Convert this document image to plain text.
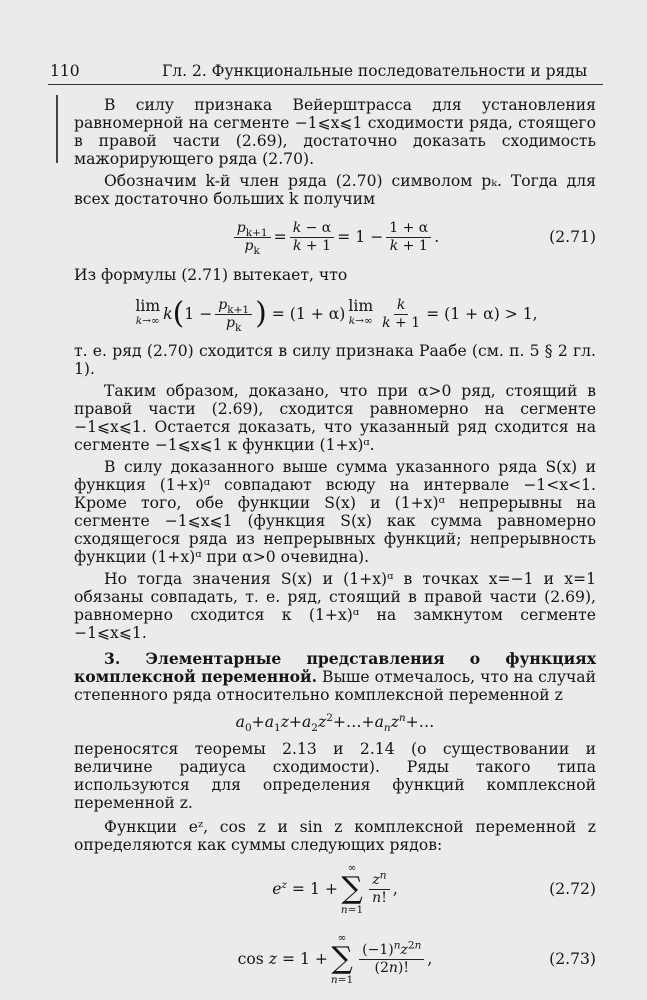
110	Гл. 2. Функциональные последовательности и ряды

В силу признака Вейерштрасса для установления равномерной на сегменте −1⩽x⩽1 сходимости ряда, стоящего в правой части (2.69), достаточно доказать сходимость мажорирующего ряда (2.70).

Обозначим k-й член ряда (2.70) символом pₖ. Тогда для всех достаточно больших k получим

$\frac{p_{k+1}}{p_k} = \frac{k - \alpha}{k + 1} = 1 - \frac{1 + \alpha}{k + 1}$ .	(2.71)

Из формулы (2.71) вытекает, что

lim
k→∞ k ( $1 - \frac{p_{k+1}}{p_k}$ ) = (1 + α) lim
$k\to\infty \frac{k}{k + 1} = (1 + \alpha) > 1$,

т. е. ряд (2.70) сходится в силу признака Раабе (см. п. 5 § 2 гл. 1).

Таким образом, доказано, что при α>0 ряд, стоящий в правой части (2.69), сходится равномерно на сегменте −1⩽x⩽1. Остается доказать, что указанный ряд сходится на сегменте −1⩽x⩽1 к функции (1+x)ᵅ.

В силу доказанного выше сумма указанного ряда S(x) и функция (1+x)ᵅ совпадают всюду на интервале −1<x<1. Кроме того, обе функции S(x) и (1+x)ᵅ непрерывны на сегменте −1⩽x⩽1 (функция S(x) как сумма равномерно сходящегося ряда из непрерывных функций; непрерывность функции (1+x)ᵅ при α>0 очевидна).

Но тогда значения S(x) и (1+x)ᵅ в точках x=−1 и x=1 обязаны совпадать, т. е. ряд, стоящий в правой части (2.69), равномерно сходится к (1+x)ᵅ на замкнутом сегменте −1⩽x⩽1.

3. Элементарные представления о функциях комплексной переменной. Выше отмечалось, что на случай степенного ряда относительно комплексной переменной z

$a_0+a_1z+a_2z^2+\dots+a_nz^n+\dots$

переносятся теоремы 2.13 и 2.14 (о существовании и величине радиуса сходимости). Ряды такого типа используются для определения функций комплексной переменной z.

Функции eᶻ, cos z и sin z комплексной переменной z определяются как суммы следующих рядов:

$e^z = 1$ +
∞
∑
n=1
$\frac{z^n}{n!}$ ,	(2.72)
cos z = 1 +
∞
∑
n=1
$\frac{(-1)^nz^{2n}}{(2n)!}$ ,	(2.73)
